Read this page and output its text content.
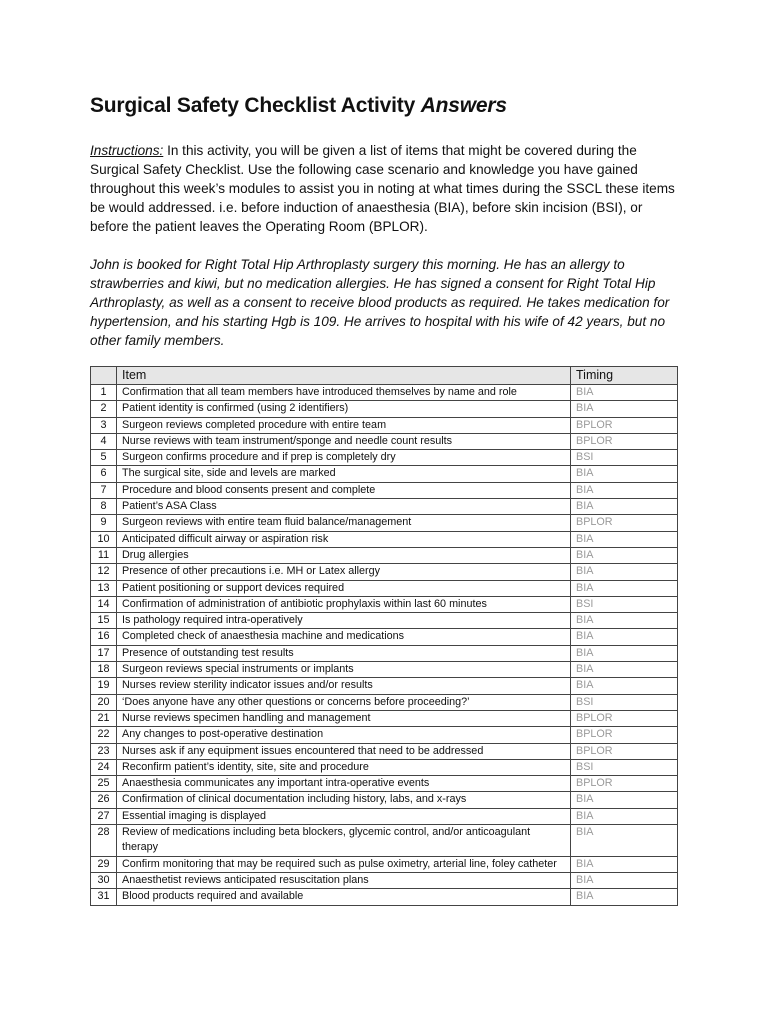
Surgical Safety Checklist Activity Answers
Instructions: In this activity, you will be given a list of items that might be covered during the Surgical Safety Checklist. Use the following case scenario and knowledge you have gained throughout this week’s modules to assist you in noting at what times during the SSCL these items be would addressed. i.e. before induction of anaesthesia (BIA), before skin incision (BSI), or before the patient leaves the Operating Room (BPLOR).
John is booked for Right Total Hip Arthroplasty surgery this morning. He has an allergy to strawberries and kiwi, but no medication allergies. He has signed a consent for Right Total Hip Arthroplasty, as well as a consent to receive blood products as required. He takes medication for hypertension, and his starting Hgb is 109. He arrives to hospital with his wife of 42 years, but no other family members.
	Item	Timing
1	Confirmation that all team members have introduced themselves by name and role	BIA
2	Patient identity is confirmed (using 2 identifiers)	BIA
3	Surgeon reviews completed procedure with entire team	BPLOR
4	Nurse reviews with team instrument/sponge and needle count results	BPLOR
5	Surgeon confirms procedure and if prep is completely dry	BSI
6	The surgical site, side and levels are marked	BIA
7	Procedure and blood consents present and complete	BIA
8	Patient’s ASA Class	BIA
9	Surgeon reviews with entire team fluid balance/management	BPLOR
10	Anticipated difficult airway or aspiration risk	BIA
11	Drug allergies	BIA
12	Presence of other precautions i.e. MH or Latex allergy	BIA
13	Patient positioning or support devices required	BIA
14	Confirmation of administration of antibiotic prophylaxis within last 60 minutes	BSI
15	Is pathology required intra-operatively	BIA
16	Completed check of anaesthesia machine and medications	BIA
17	Presence of outstanding test results	BIA
18	Surgeon reviews special instruments or implants	BIA
19	Nurses review sterility indicator issues and/or results	BIA
20	‘Does anyone have any other questions or concerns before proceeding?’	BSI
21	Nurse reviews specimen handling and management	BPLOR
22	Any changes to post-operative destination	BPLOR
23	Nurses ask if any equipment issues encountered that need to be addressed	BPLOR
24	Reconfirm patient’s identity, site, site and procedure	BSI
25	Anaesthesia communicates any important intra-operative events	BPLOR
26	Confirmation of clinical documentation including history, labs, and x-rays	BIA
27	Essential imaging is displayed	BIA
28	Review of medications including beta blockers, glycemic control, and/or anticoagulant therapy	BIA
29	Confirm monitoring that may be required such as pulse oximetry, arterial line, foley catheter	BIA
30	Anaesthetist reviews anticipated resuscitation plans	BIA
31	Blood products required and available	BIA
